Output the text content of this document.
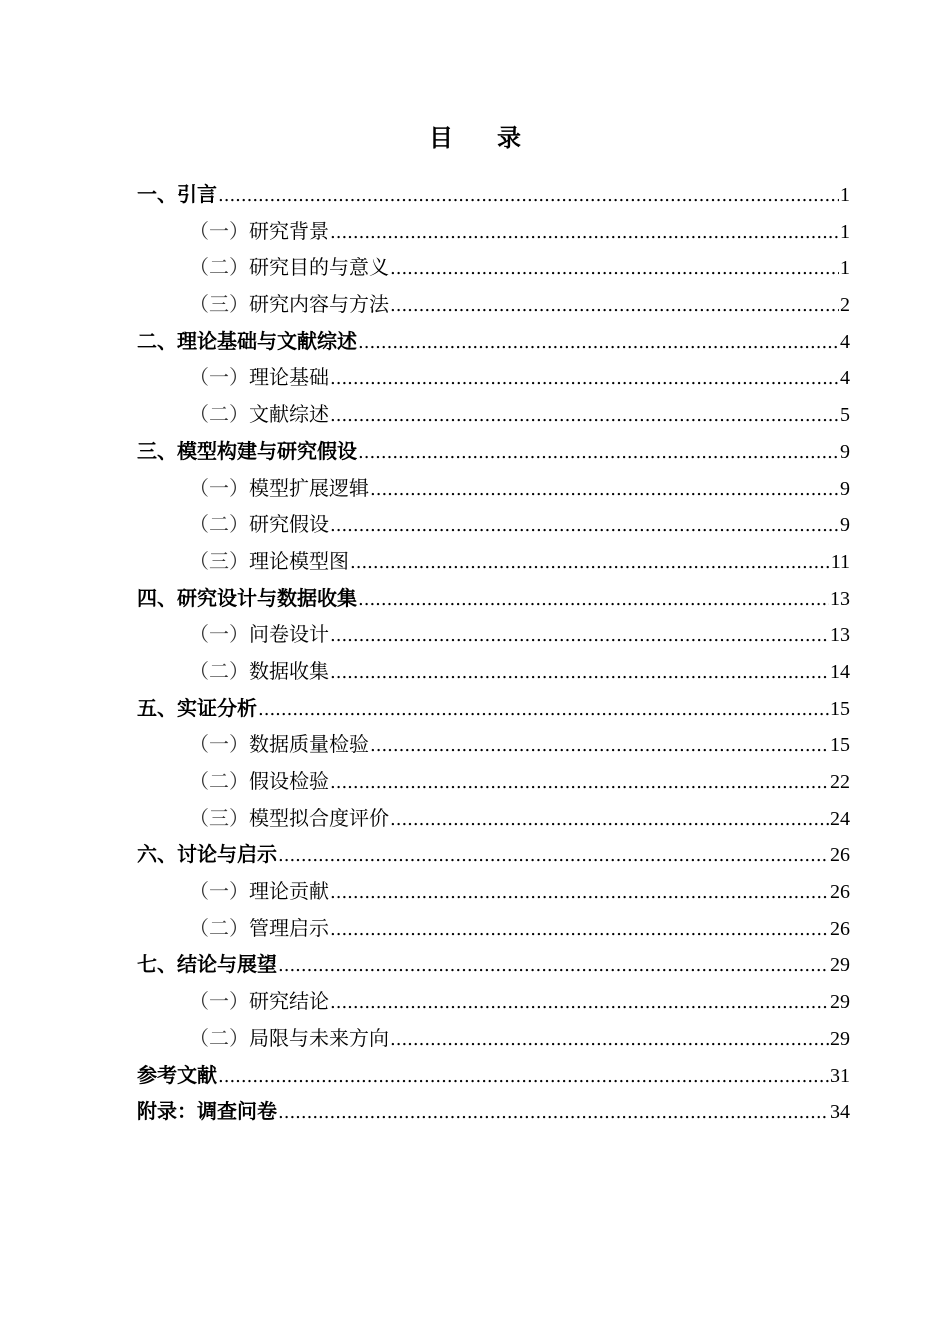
目 录
一、 引言 .....	1
（一） 研究背景 .....	1
（二） 研究目的与意义 .....	1
（三） 研究内容与方法 .....	2
二、 理论基础与文献综述 .....	4
（一） 理论基础 .....	4
（二） 文献综述 .....	5
三、 模型构建与研究假设 .....	9
（一） 模型扩展逻辑 .....	9
（二） 研究假设 .....	9
（三） 理论模型图 .....	11
四、 研究设计与数据收集 .....	13
（一） 问卷设计 .....	13
（二） 数据收集 .....	14
五、 实证分析 .....	15
（一） 数据质量检验 .....	15
（二） 假设检验 .....	22
（三） 模型拟合度评价 .....	24
六、 讨论与启示 .....	26
（一） 理论贡献 .....	26
（二） 管理启示 .....	26
七、 结论与展望 .....	29
（一） 研究结论 .....	29
（二） 局限与未来方向 .....	29
参考文献 .....	31
附录：调查问卷 .....	34
